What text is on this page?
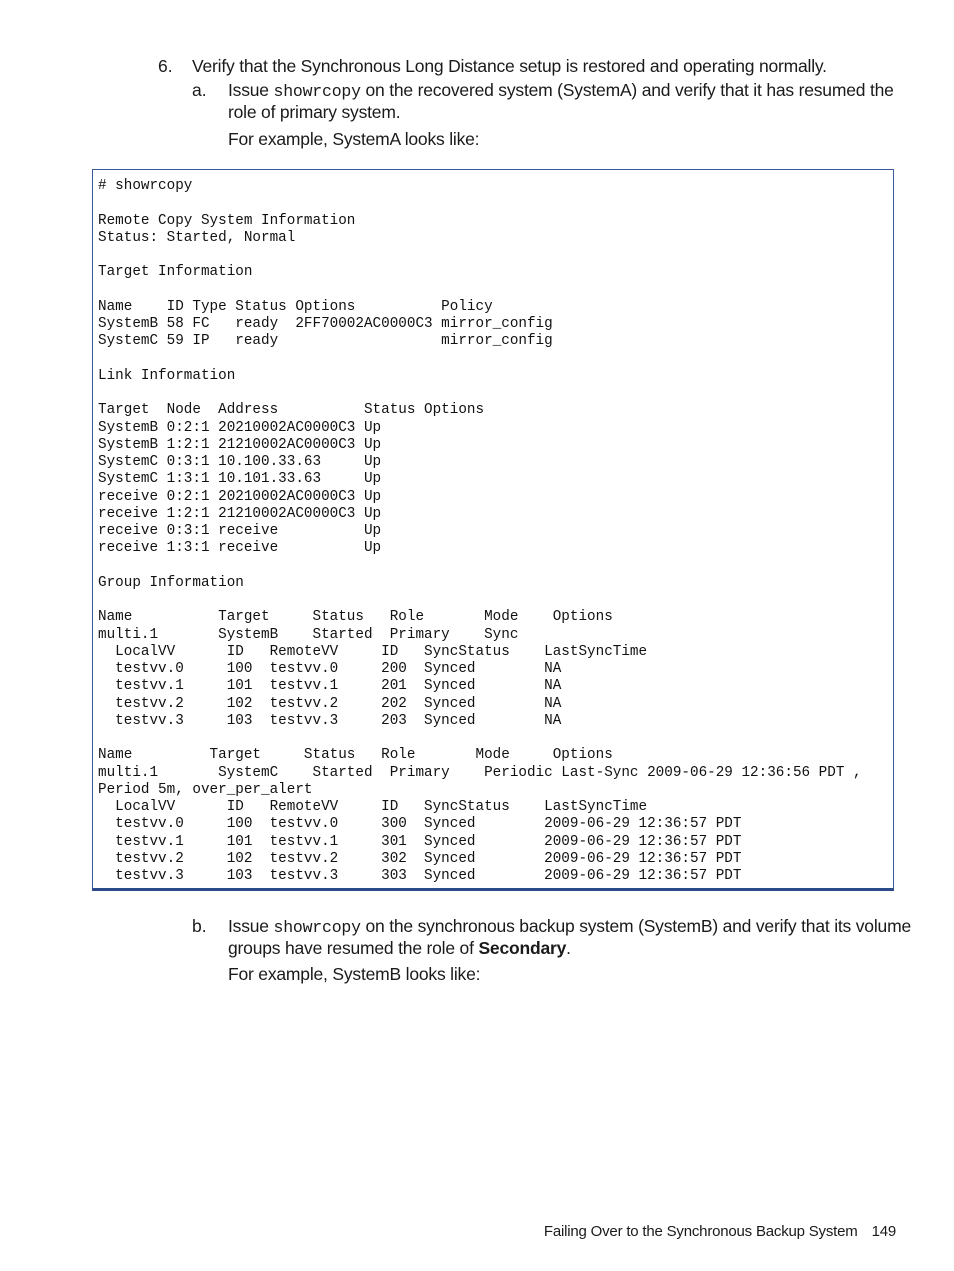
6. Verify that the Synchronous Long Distance setup is restored and operating normally.
a. Issue showrcopy on the recovered system (SystemA) and verify that it has resumed the
role of primary system.
For example, SystemA looks like:
# showrcopy

Remote Copy System Information
Status: Started, Normal

Target Information

Name    ID Type Status Options          Policy
SystemB 58 FC   ready  2FF70002AC0000C3 mirror_config
SystemC 59 IP   ready                   mirror_config

Link Information

Target  Node  Address          Status Options
SystemB 0:2:1 20210002AC0000C3 Up
SystemB 1:2:1 21210002AC0000C3 Up
SystemC 0:3:1 10.100.33.63     Up
SystemC 1:3:1 10.101.33.63     Up
receive 0:2:1 20210002AC0000C3 Up
receive 1:2:1 21210002AC0000C3 Up
receive 0:3:1 receive          Up
receive 1:3:1 receive          Up

Group Information

Name          Target     Status   Role       Mode    Options
multi.1       SystemB    Started  Primary    Sync
LocalVV      ID   RemoteVV     ID   SyncStatus    LastSyncTime
testvv.0     100  testvv.0     200  Synced        NA
testvv.1     101  testvv.1     201  Synced        NA
testvv.2     102  testvv.2     202  Synced        NA
testvv.3     103  testvv.3     203  Synced        NA

Name         Target     Status   Role       Mode     Options
multi.1       SystemC    Started  Primary    Periodic Last-Sync 2009-06-29 12:36:56 PDT ,
Period 5m, over_per_alert
LocalVV      ID   RemoteVV     ID   SyncStatus    LastSyncTime
testvv.0     100  testvv.0     300  Synced        2009-06-29 12:36:57 PDT
testvv.1     101  testvv.1     301  Synced        2009-06-29 12:36:57 PDT
testvv.2     102  testvv.2     302  Synced        2009-06-29 12:36:57 PDT
testvv.3     103  testvv.3     303  Synced        2009-06-29 12:36:57 PDT

b. Issue showrcopy on the synchronous backup system (SystemB) and verify that its volume
groups have resumed the role of Secondary.
For example, SystemB looks like:
Failing Over to the Synchronous Backup System 149
